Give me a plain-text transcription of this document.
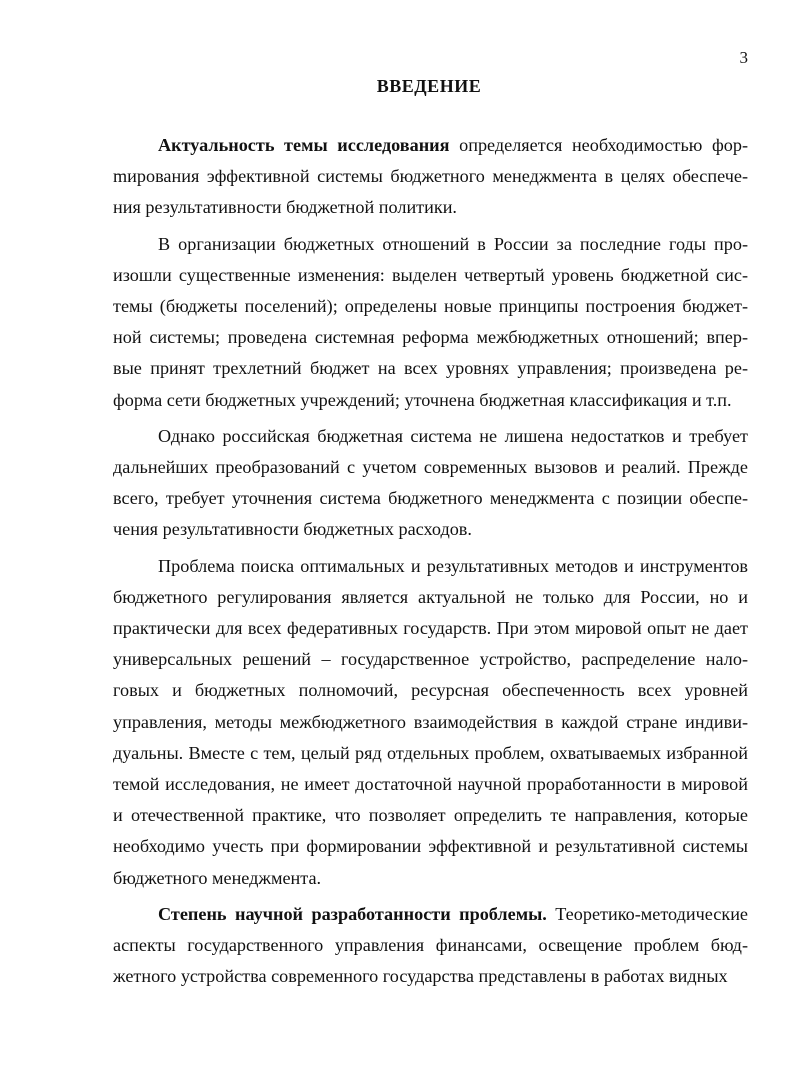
3
ВВЕДЕНИЕ

Актуальность темы исследования определяется необходимостью форmирования эффективной системы бюджетного менеджмента в целях обеспечения результативности бюджетной политики.

В организации бюджетных отношений в России за последние годы произошли существенные изменения: выделен четвертый уровень бюджетной системы (бюджеты поселений); определены новые принципы построения бюджетной системы; проведена системная реформа межбюджетных отношений; впервые принят трехлетний бюджет на всех уровнях управления; произведена реформа сети бюджетных учреждений; уточнена бюджетная классификация и т.п.

Однако российская бюджетная система не лишена недостатков и требует дальнейших преобразований с учетом современных вызовов и реалий. Прежде всего, требует уточнения система бюджетного менеджмента с позиции обеспечения результативности бюджетных расходов.

Проблема поиска оптимальных и результативных методов и инструментов бюджетного регулирования является актуальной не только для России, но и практически для всех федеративных государств. При этом мировой опыт не дает универсальных решений – государственное устройство, распределение налоговых и бюджетных полномочий, ресурсная обеспеченность всех уровней управления, методы межбюджетного взаимодействия в каждой стране индивидуальны. Вместе с тем, целый ряд отдельных проблем, охватываемых избранной темой исследования, не имеет достаточной научной проработанности в мировой и отечественной практике, что позволяет определить те направления, которые необходимо учесть при формировании эффективной и результативной системы бюджетного менеджмента.

Степень научной разработанности проблемы. Теоретико-методические аспекты государственного управления финансами, освещение проблем бюджетного устройства современного государства представлены в работах видных
